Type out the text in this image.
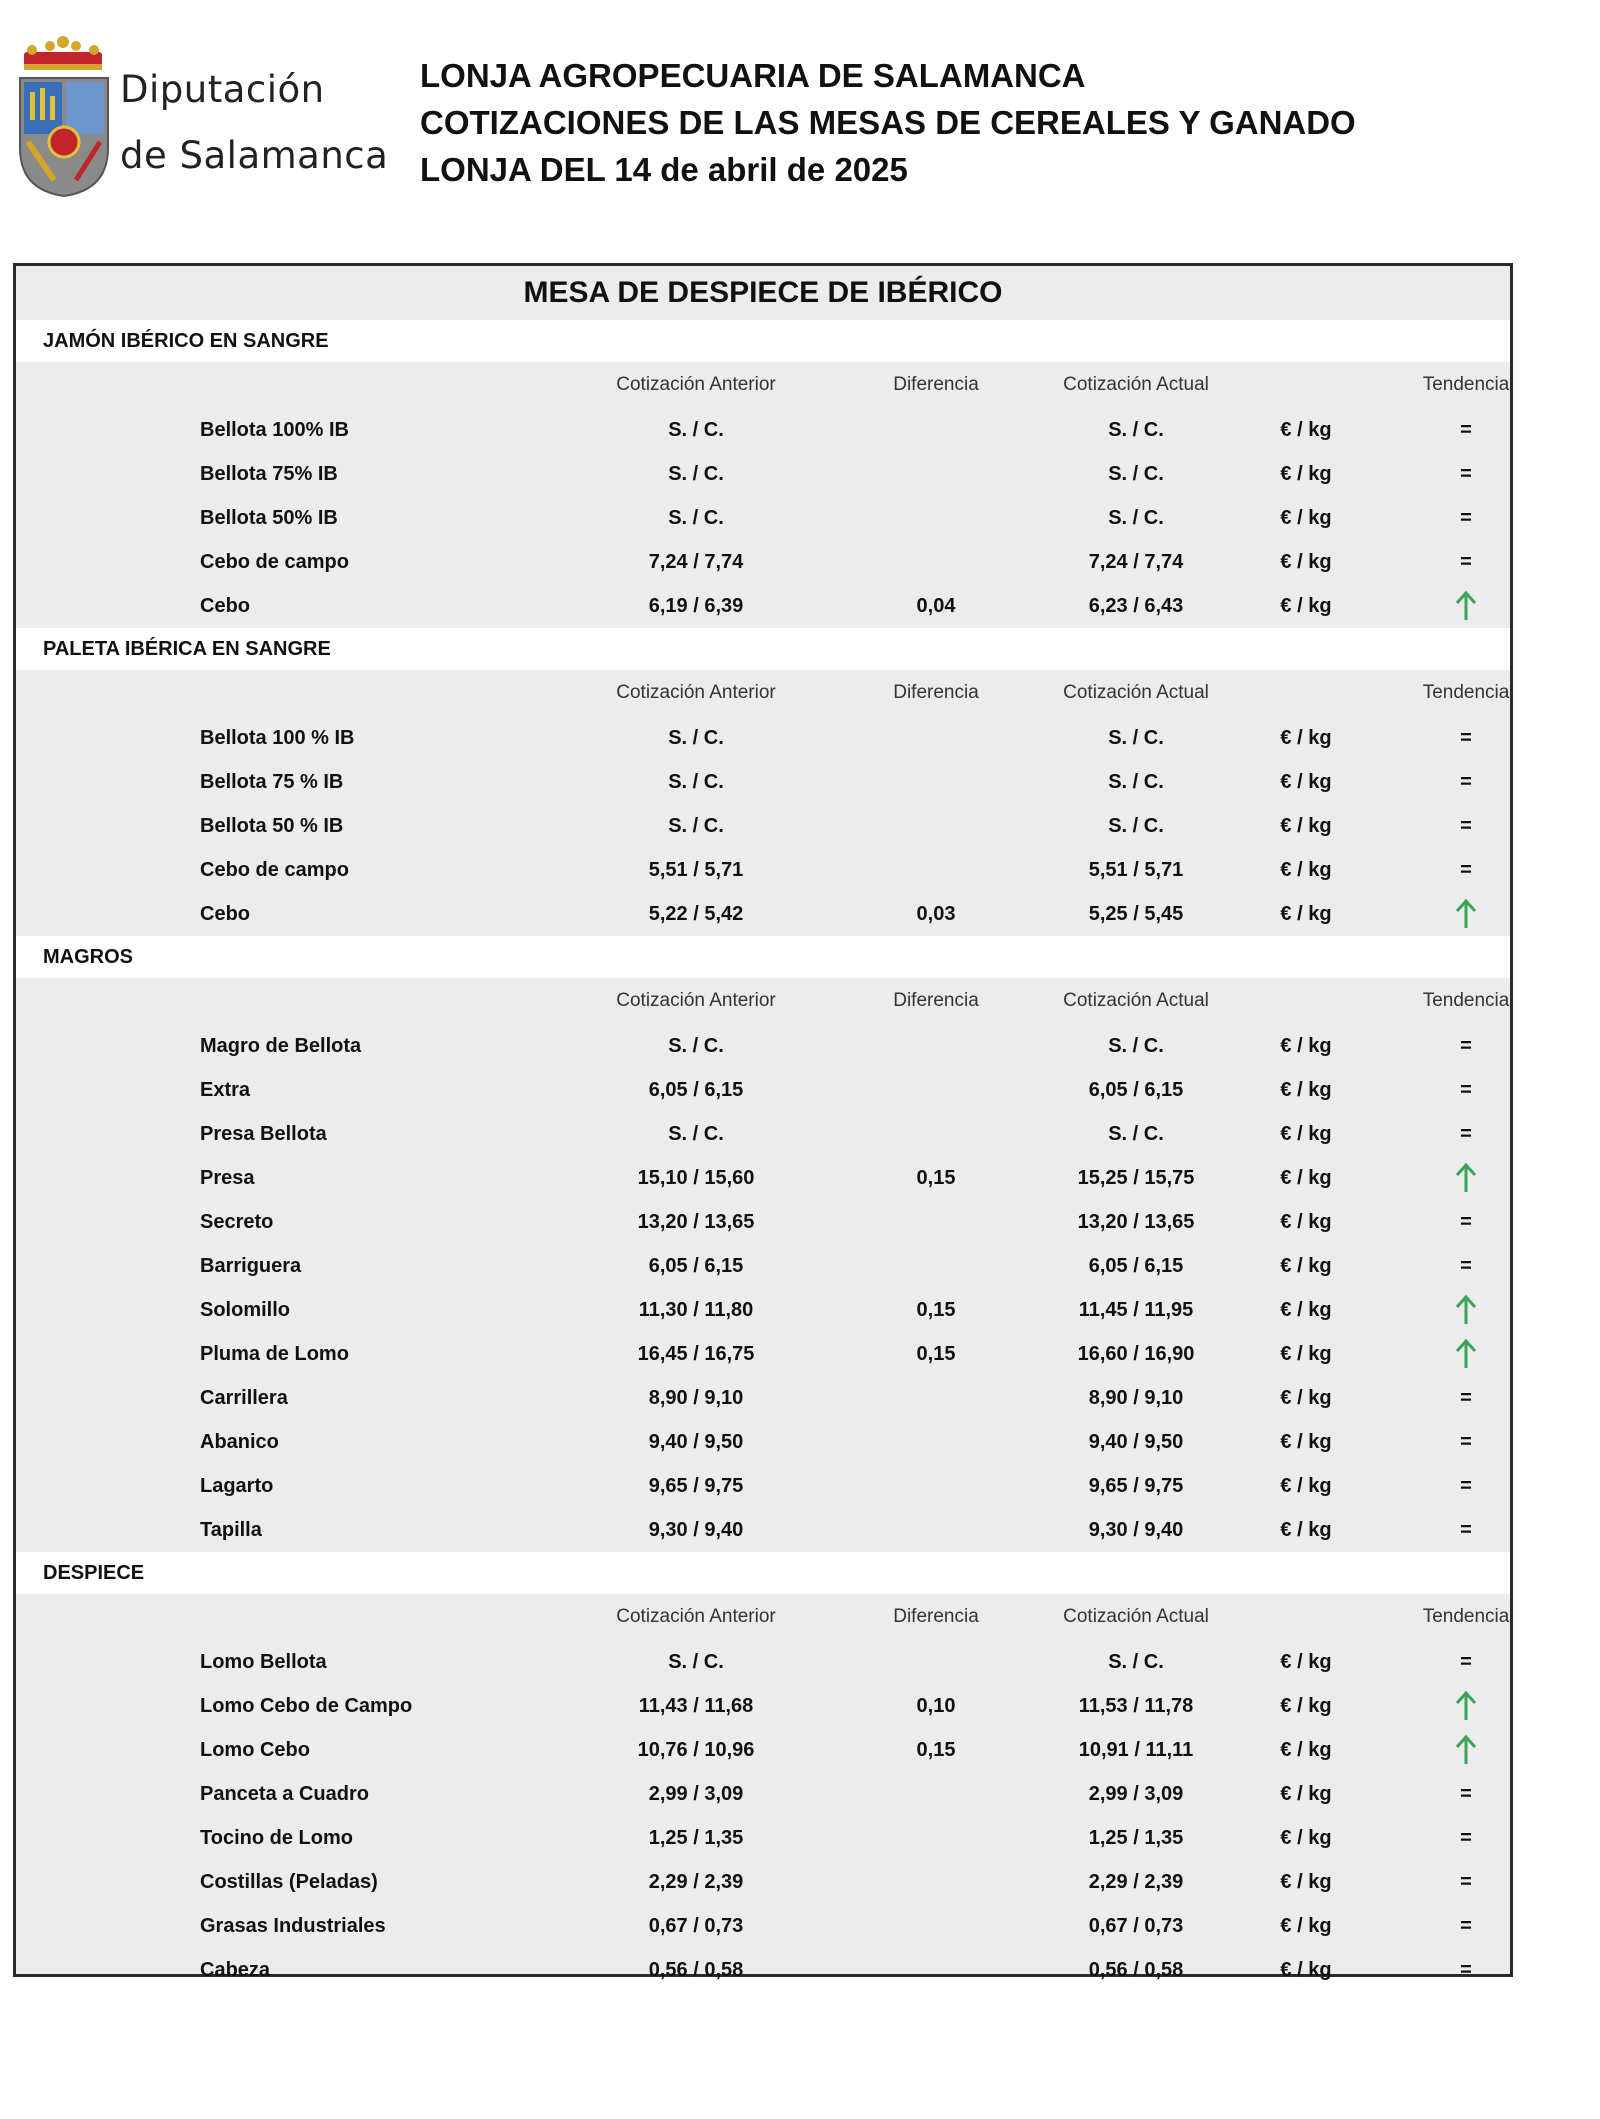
Diputación
de Salamanca
LONJA AGROPECUARIA DE SALAMANCA
COTIZACIONES DE LAS MESAS DE CEREALES Y GANADO
LONJA DEL 14 de abril de 2025
MESA DE DESPIECE DE IBÉRICO
JAMÓN IBÉRICO EN SANGRE
Cotización Anterior	Diferencia	Cotización Actual	Tendencia
Bellota 100% IB	S. / C.	S. / C.	€ / kg	=
Bellota 75% IB	S. / C.	S. / C.	€ / kg	=
Bellota 50% IB	S. / C.	S. / C.	€ / kg	=
Cebo de campo	7,24 / 7,74	7,24 / 7,74	€ / kg	=
Cebo	6,19 / 6,39	0,04	6,23 / 6,43	€ / kg
PALETA IBÉRICA EN SANGRE
Cotización Anterior	Diferencia	Cotización Actual	Tendencia
Bellota 100 % IB	S. / C.	S. / C.	€ / kg	=
Bellota 75 % IB	S. / C.	S. / C.	€ / kg	=
Bellota 50 % IB	S. / C.	S. / C.	€ / kg	=
Cebo de campo	5,51 / 5,71	5,51 / 5,71	€ / kg	=
Cebo	5,22 / 5,42	0,03	5,25 / 5,45	€ / kg
MAGROS
Cotización Anterior	Diferencia	Cotización Actual	Tendencia
Magro de Bellota	S. / C.	S. / C.	€ / kg	=
Extra	6,05 / 6,15	6,05 / 6,15	€ / kg	=
Presa Bellota	S. / C.	S. / C.	€ / kg	=
Presa	15,10 / 15,60	0,15	15,25 / 15,75	€ / kg
Secreto	13,20 / 13,65	13,20 / 13,65	€ / kg	=
Barriguera	6,05 / 6,15	6,05 / 6,15	€ / kg	=
Solomillo	11,30 / 11,80	0,15	11,45 / 11,95	€ / kg
Pluma de Lomo	16,45 / 16,75	0,15	16,60 / 16,90	€ / kg
Carrillera	8,90 / 9,10	8,90 / 9,10	€ / kg	=
Abanico	9,40 / 9,50	9,40 / 9,50	€ / kg	=
Lagarto	9,65 / 9,75	9,65 / 9,75	€ / kg	=
Tapilla	9,30 / 9,40	9,30 / 9,40	€ / kg	=
DESPIECE
Cotización Anterior	Diferencia	Cotización Actual	Tendencia
Lomo Bellota	S. / C.	S. / C.	€ / kg	=
Lomo Cebo de Campo	11,43 / 11,68	0,10	11,53 / 11,78	€ / kg
Lomo Cebo	10,76 / 10,96	0,15	10,91 / 11,11	€ / kg
Panceta a Cuadro	2,99 / 3,09	2,99 / 3,09	€ / kg	=
Tocino de Lomo	1,25 / 1,35	1,25 / 1,35	€ / kg	=
Costillas (Peladas)	2,29 / 2,39	2,29 / 2,39	€ / kg	=
Grasas Industriales	0,67 / 0,73	0,67 / 0,73	€ / kg	=
Cabeza	0,56 / 0,58	0,56 / 0,58	€ / kg	=
